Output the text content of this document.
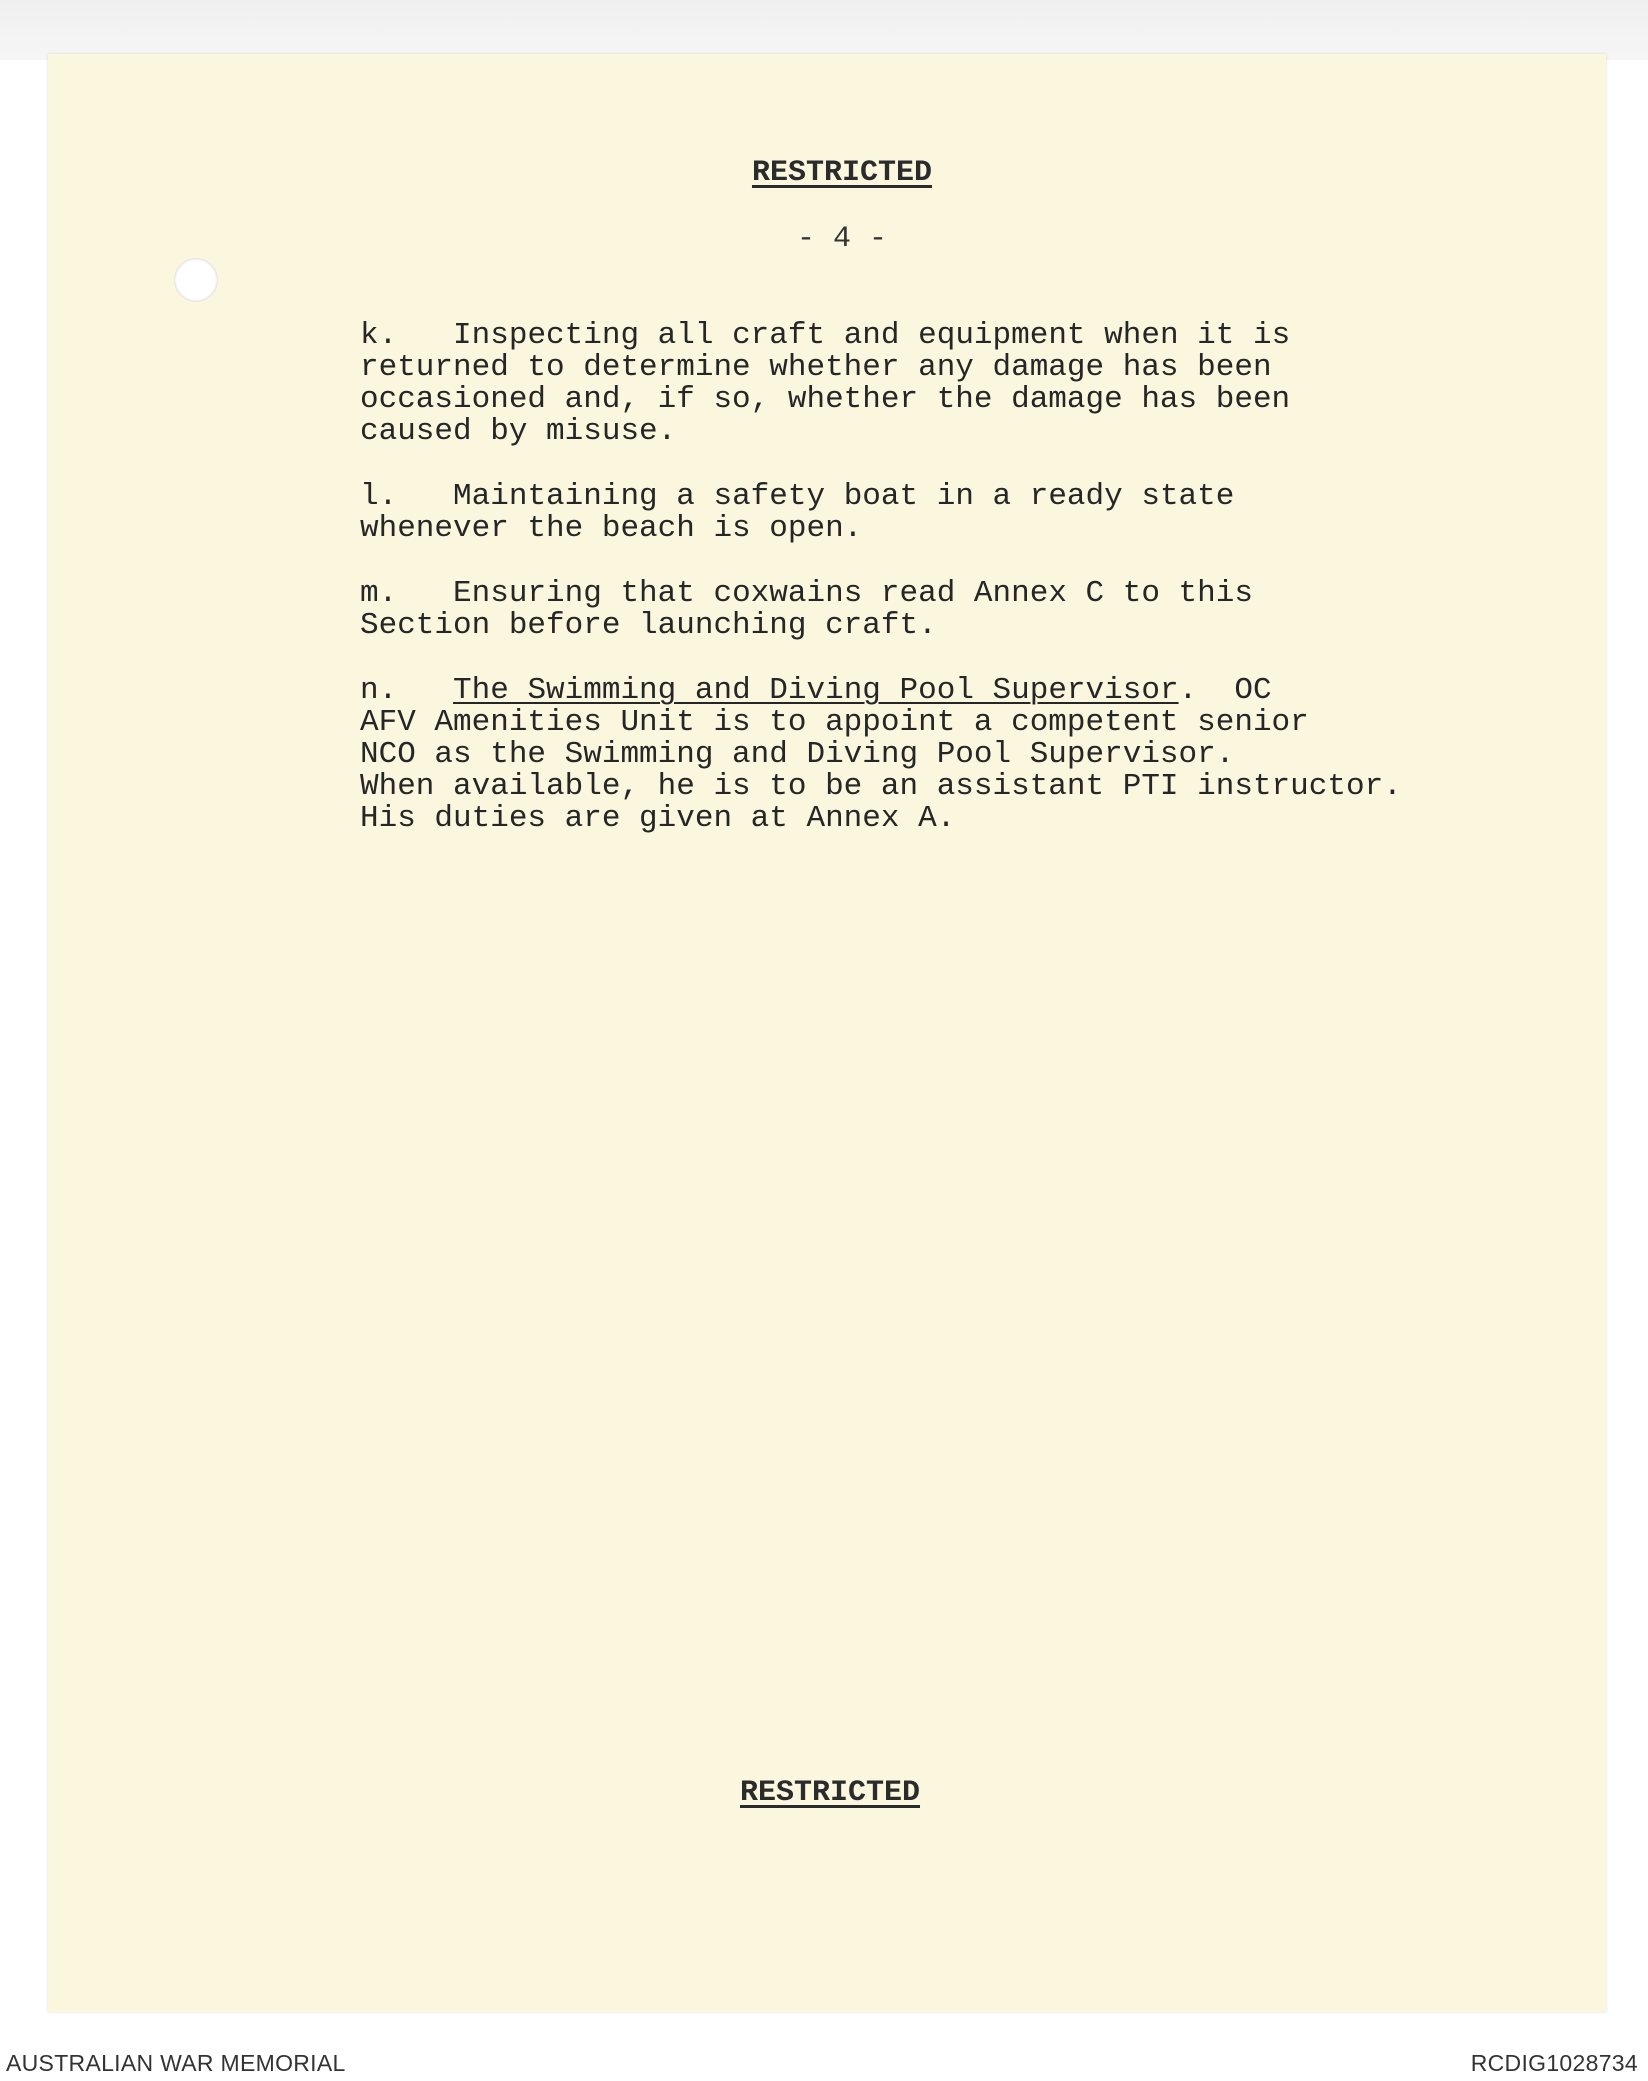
RESTRICTED
- 4 -
k. Inspecting all craft and equipment when it is
returned to determine whether any damage has been
occasioned and, if so, whether the damage has been
caused by misuse.
l. Maintaining a safety boat in a ready state
whenever the beach is open.
m. Ensuring that coxwains read Annex C to this
Section before launching craft.
n. The Swimming and Diving Pool Supervisor.  OC
AFV Amenities Unit is to appoint a competent senior
NCO as the Swimming and Diving Pool Supervisor.
When available, he is to be an assistant PTI instructor.
His duties are given at Annex A.
RESTRICTED
AUSTRALIAN WAR MEMORIAL	RCDIG1028734
